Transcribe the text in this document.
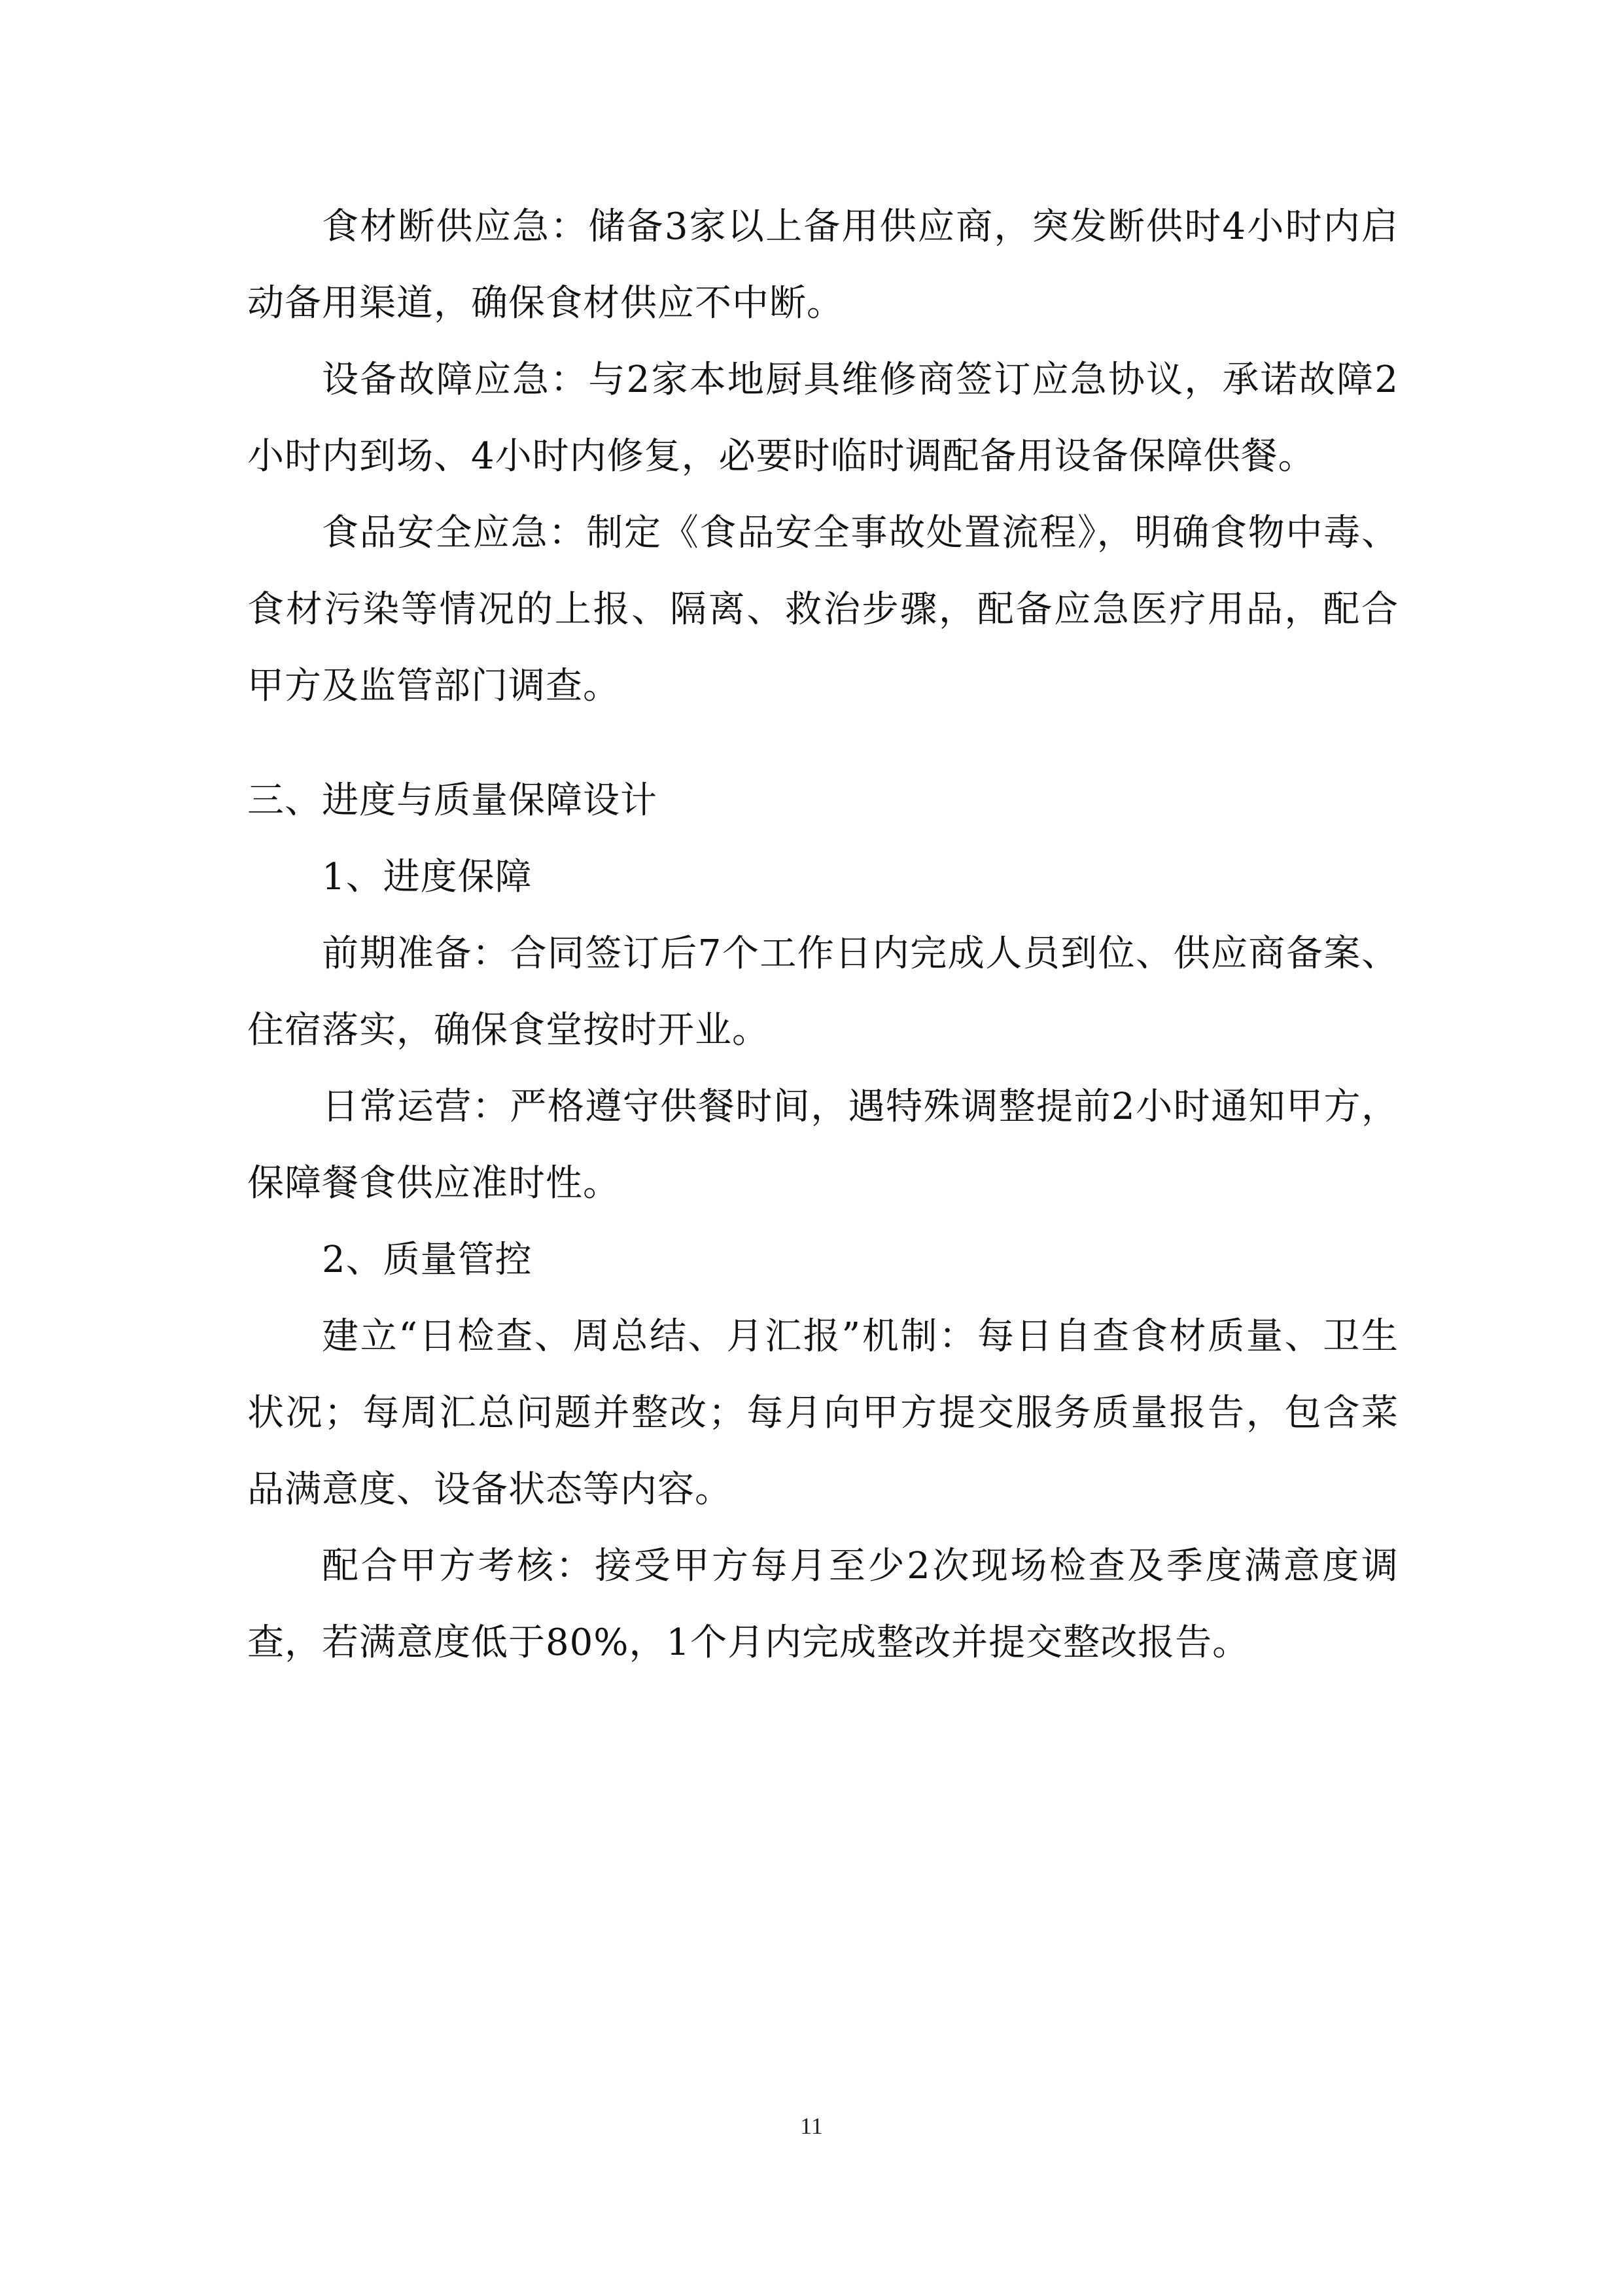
食材断供应急：储备3家以上备用供应商，突发断供时4小时内启动备用渠道，确保食材供应不中断。

设备故障应急：与2家本地厨具维修商签订应急协议，承诺故障2小时内到场、4小时内修复，必要时临时调配备用设备保障供餐。

食品安全应急：制定《食品安全事故处置流程》，明确食物中毒、食材污染等情况的上报、隔离、救治步骤，配备应急医疗用品，配合甲方及监管部门调查。

三、进度与质量保障设计

1、进度保障

前期准备：合同签订后7个工作日内完成人员到位、供应商备案、住宿落实，确保食堂按时开业。

日常运营：严格遵守供餐时间，遇特殊调整提前2小时通知甲方，保障餐食供应准时性。

2、质量管控

建立“日检查、周总结、月汇报”机制：每日自查食材质量、卫生状况；每周汇总问题并整改；每月向甲方提交服务质量报告，包含菜品满意度、设备状态等内容。

配合甲方考核：接受甲方每月至少2次现场检查及季度满意度调查，若满意度低于80%，1个月内完成整改并提交整改报告。

11
